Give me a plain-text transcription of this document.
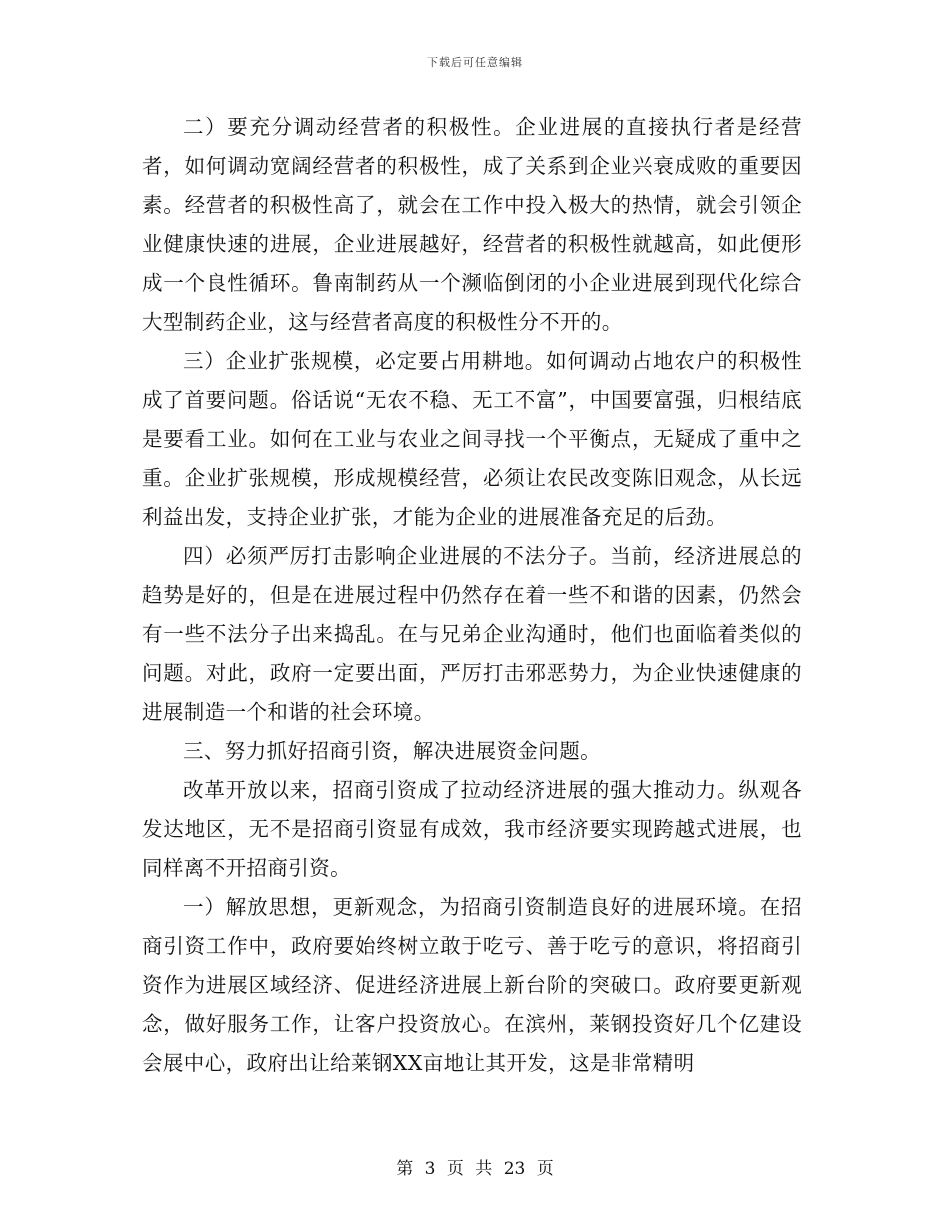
下载后可任意编辑

二）要充分调动经营者的积极性。企业进展的直接执行者是经营者，如何调动宽阔经营者的积极性，成了关系到企业兴衰成败的重要因素。经营者的积极性高了，就会在工作中投入极大的热情，就会引领企业健康快速的进展，企业进展越好，经营者的积极性就越高，如此便形成一个良性循环。鲁南制药从一个濒临倒闭的小企业进展到现代化综合大型制药企业，这与经营者高度的积极性分不开的。

三）企业扩张规模，必定要占用耕地。如何调动占地农户的积极性成了首要问题。俗话说“无农不稳、无工不富”，中国要富强，归根结底是要看工业。如何在工业与农业之间寻找一个平衡点，无疑成了重中之重。企业扩张规模，形成规模经营，必须让农民改变陈旧观念，从长远利益出发，支持企业扩张，才能为企业的进展准备充足的后劲。

四）必须严厉打击影响企业进展的不法分子。当前，经济进展总的趋势是好的，但是在进展过程中仍然存在着一些不和谐的因素，仍然会有一些不法分子出来捣乱。在与兄弟企业沟通时，他们也面临着类似的问题。对此，政府一定要出面，严厉打击邪恶势力，为企业快速健康的进展制造一个和谐的社会环境。

三、努力抓好招商引资，解决进展资金问题。

改革开放以来，招商引资成了拉动经济进展的强大推动力。纵观各发达地区，无不是招商引资显有成效，我市经济要实现跨越式进展，也同样离不开招商引资。

一）解放思想，更新观念，为招商引资制造良好的进展环境。在招商引资工作中，政府要始终树立敢于吃亏、善于吃亏的意识，将招商引资作为进展区域经济、促进经济进展上新台阶的突破口。政府要更新观念，做好服务工作，让客户投资放心。在滨州，莱钢投资好几个亿建设会展中心，政府出让给莱钢XX亩地让其开发，这是非常精明

第 3 页 共 23 页
